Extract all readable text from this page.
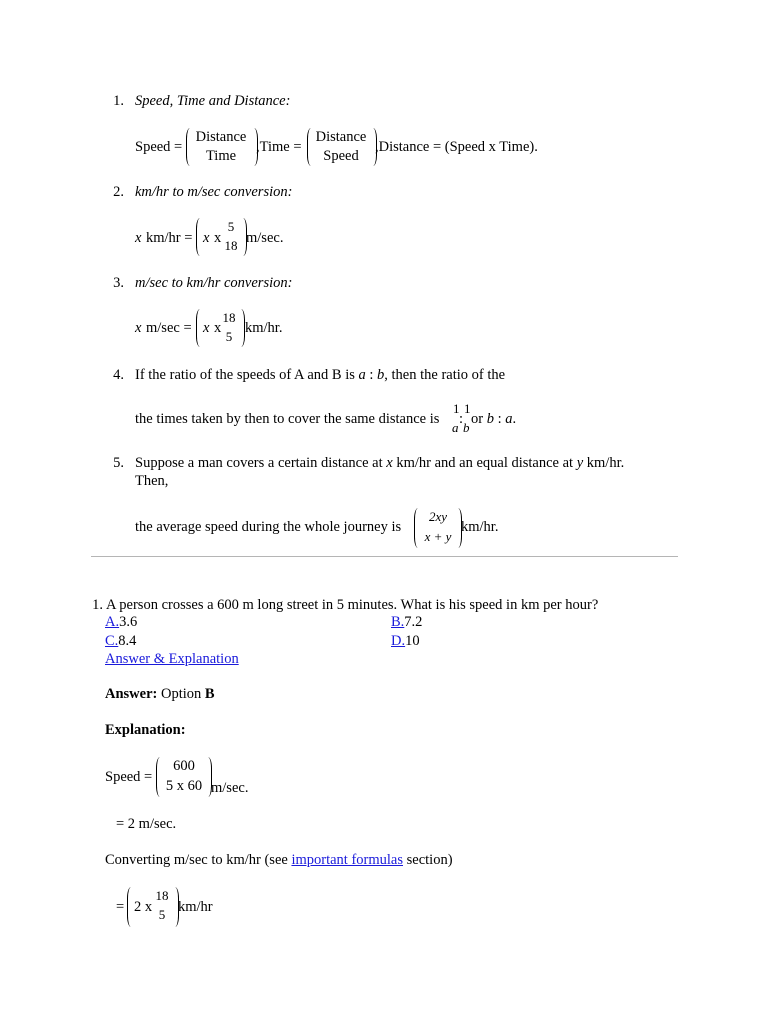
1. Speed, Time and Distance:
Speed =
Distance
Time
,Time =
Distance
Speed
,Distance = (Speed x Time).
2. km/hr to m/sec conversion:
x km/hr = x x
5
18 m/sec.
3. m/sec to km/hr conversion:
x m/sec = x x
18
5
km/hr.
4. If the ratio of the speeds of A and B is a : b, then the ratio of the
the times taken by then to cover the same distance is
1 1
:
a b
or b : a.
5. Suppose a man covers a certain distance at x km/hr and an equal distance at y km/hr.
Then,
the average speed during the whole journey is
2xy
x + y
km/hr.
1. A person crosses a 600 m long street in 5 minutes. What is his speed in km per hour?
A.3.6	B.7.2
C.8.4	D.10
Answer & Explanation
Answer: Option B
Explanation:
Speed =
600
5 x 60 m/sec.
= 2 m/sec.
Converting m/sec to km/hr (see important formulas section)
= 2 x
18
5 km/hr
